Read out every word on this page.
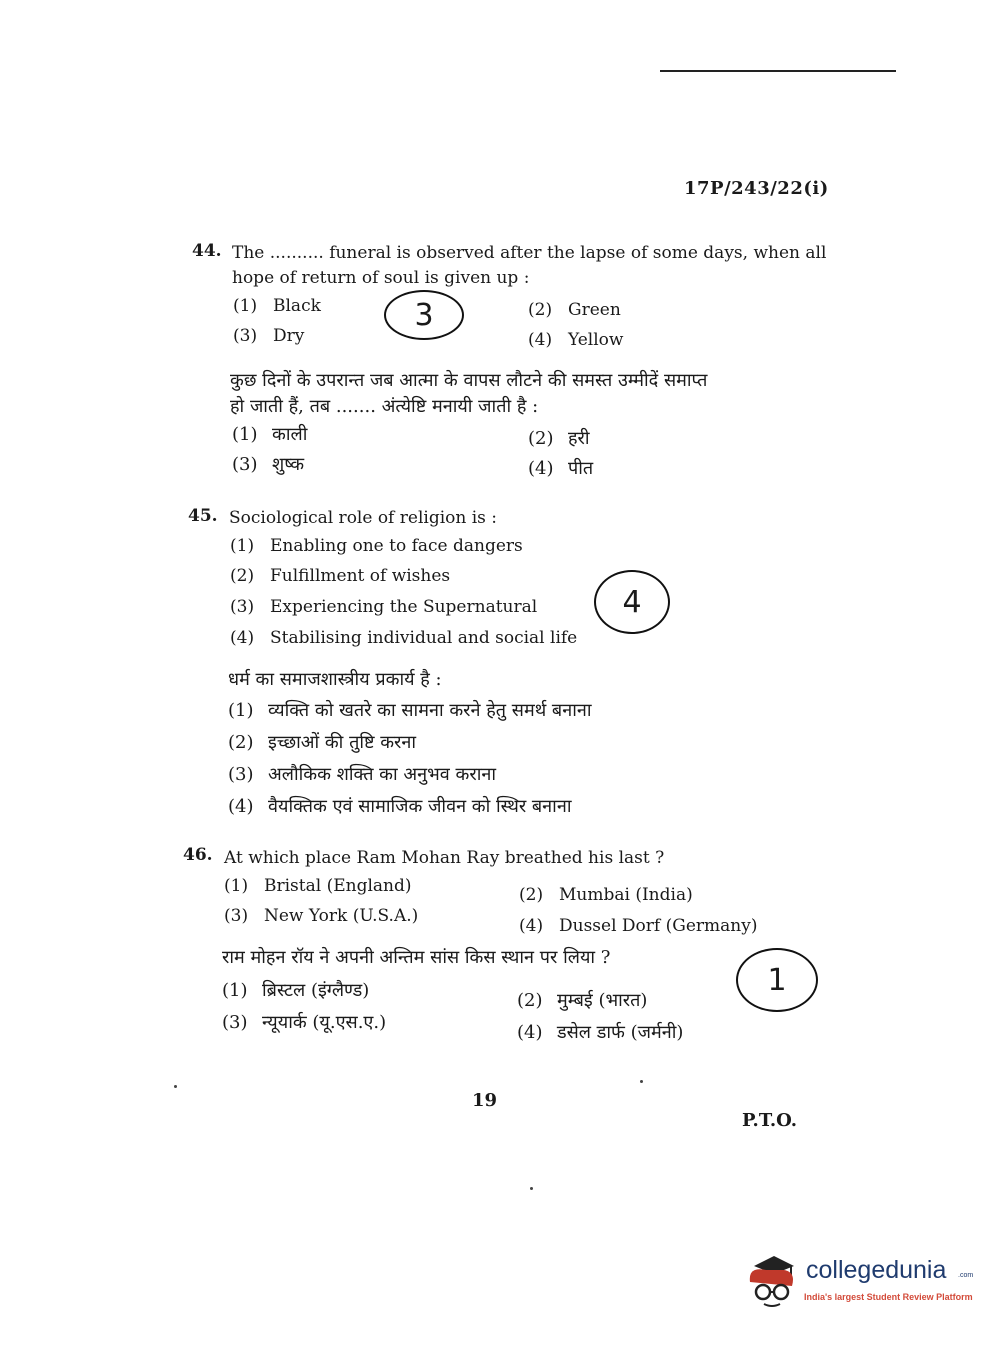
17P/243/22(i)
44. The .......... funeral is observed after the lapse of some days, when all
hope of return of soul is given up :
(1) Black	(2) Green
(3) Dry	(4) Yellow
3
कुछ दिनों के उपरान्त जब आत्मा के वापस लौटने की समस्त उम्मीदें समाप्त
हो जाती हैं, तब ....... अंत्येष्टि मनायी जाती है :
(1) काली	(2) हरी
(3) शुष्क	(4) पीत
45. Sociological role of religion is :
(1) Enabling one to face dangers
(2) Fulfillment of wishes
(3) Experiencing the Supernatural
(4) Stabilising individual and social life
4
धर्म का समाजशास्त्रीय प्रकार्य है :
(1) व्यक्ति को खतरे का सामना करने हेतु समर्थ बनाना
(2) इच्छाओं की तुष्टि करना
(3) अलौकिक शक्ति का अनुभव कराना
(4) वैयक्तिक एवं सामाजिक जीवन को स्थिर बनाना
46. At which place Ram Mohan Ray breathed his last ?
(1) Bristal (England)	(2) Mumbai (India)
(3) New York (U.S.A.)	(4) Dussel Dorf (Germany)
राम मोहन रॉय ने अपनी अन्तिम सांस किस स्थान पर लिया ?
1
(1) ब्रिस्टल (इंग्लैण्ड)	(2) मुम्बई (भारत)
(3) न्यूयार्क (यू.एस.ए.)	(4) डसेल डार्फ (जर्मनी)
19
P.T.O.
collegedunia .com
India's largest Student Review Platform
